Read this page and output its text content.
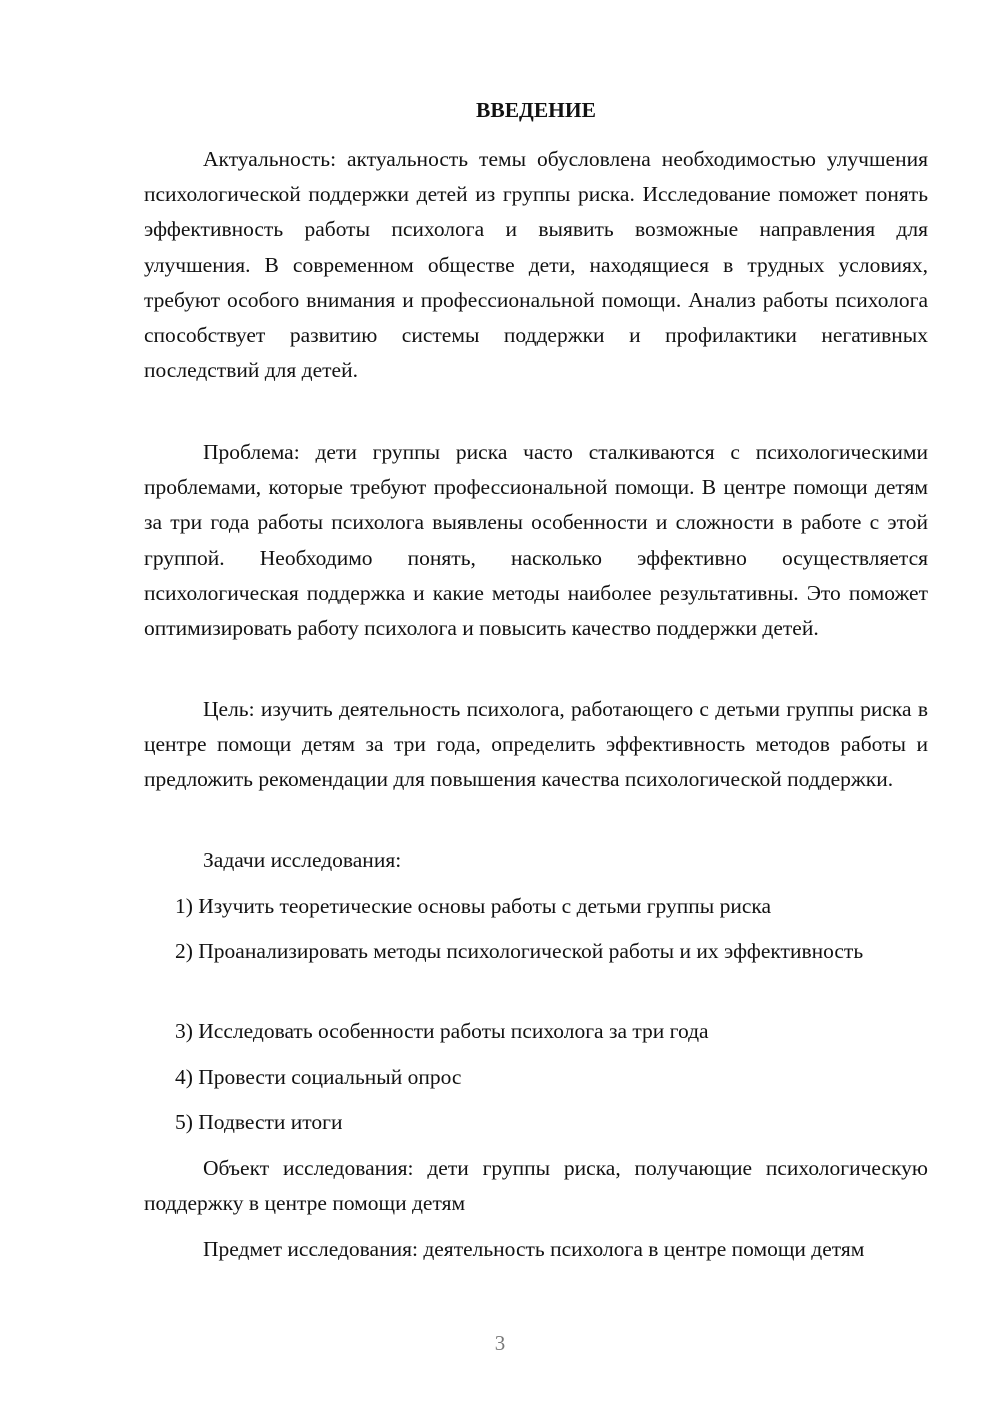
ВВЕДЕНИЕ

Актуальность: актуальность темы обусловлена необходимостью улучшения психологической поддержки детей из группы риска. Исследование поможет понять эффективность работы психолога и выявить возможные направления для улучшения. В современном обществе дети, находящиеся в трудных условиях, требуют особого внимания и профессиональной помощи. Анализ работы психолога способствует развитию системы поддержки и профилактики негативных последствий для детей.

Проблема: дети группы риска часто сталкиваются с психологическими проблемами, которые требуют профессиональной помощи. В центре помощи детям за три года работы психолога выявлены особенности и сложности в работе с этой группой. Необходимо понять, насколько эффективно осуществляется психологическая поддержка и какие методы наиболее результативны. Это поможет оптимизировать работу психолога и повысить качество поддержки детей.

Цель: изучить деятельность психолога, работающего с детьми группы риска в центре помощи детям за три года, определить эффективность методов работы и предложить рекомендации для повышения качества психологической поддержки.

Задачи исследования:

1) Изучить теоретические основы работы с детьми группы риска

2) Проанализировать методы психологической работы и их эффективность

3) Исследовать особенности работы психолога за три года

4) Провести социальный опрос

5) Подвести итоги

Объект исследования: дети группы риска, получающие психологическую поддержку в центре помощи детям

Предмет исследования: деятельность психолога в центре помощи детям

3
